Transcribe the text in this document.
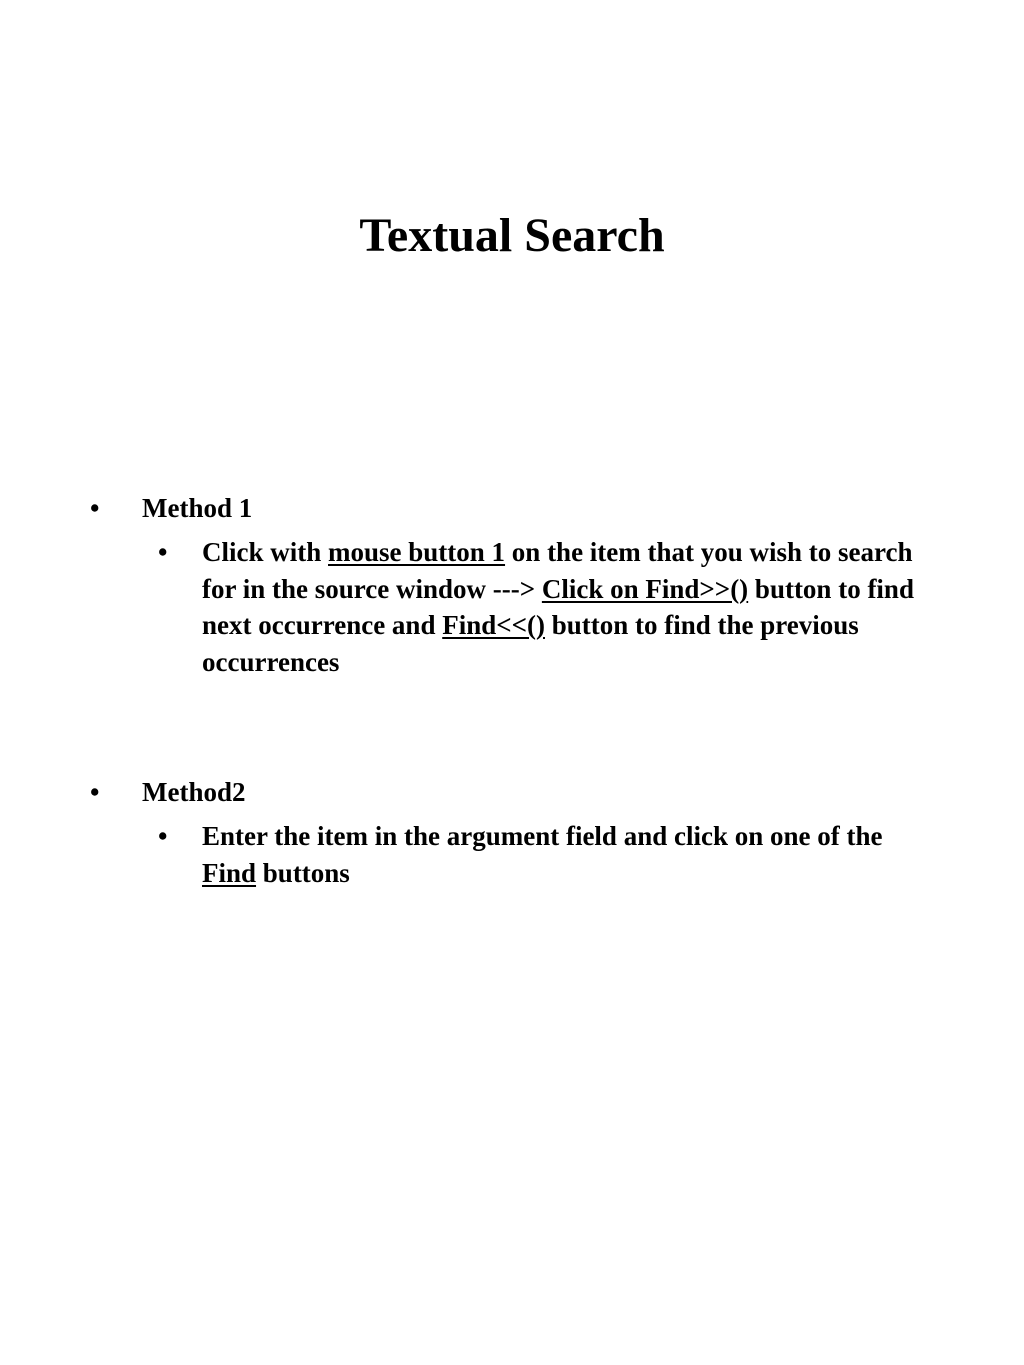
Textual Search
• Method 1
• Click with mouse button 1 on the item that you wish to search for in the source window ---> Click on Find>>() button to find next occurrence and Find<<() button to find the previous occurrences
• Method2
• Enter the item in the argument field and click on one of the Find buttons
